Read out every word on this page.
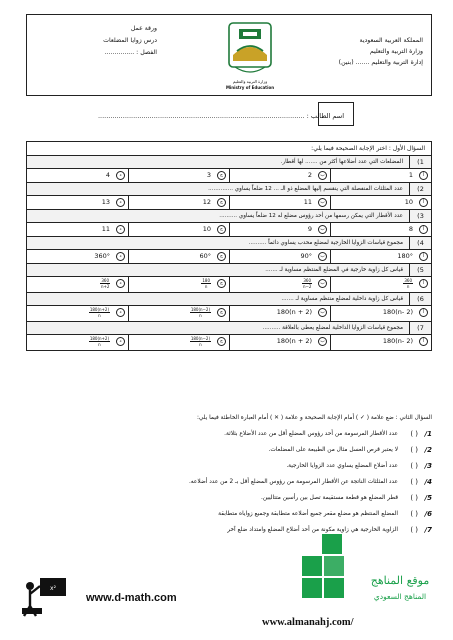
المملكة العربية السعودية
وزارة التربية والتعليم
إدارة التربية والتعليم ....... (بنين)
وزارة التربية والتعليم
Ministry of Education
ورقة عمل
درس زوايا المضلعات
الفصل : ...............
اسم الطالب : ....................................................................................................
السؤال الأول : اختر الإجابة الصحيحة فيما يلي:
1)
المضلعات التي عدد أضلاعها أكثر من ....... لها أقطار.
أ
1
ب
2
ج
3
د
4
2)
عدد المثلثات المنفصلة التي ينقسم إليها المضلع ذو الـ ... 12 ضلعاً يساوي ..............
أ
10
ب
11
ج
12
د
13
3)
عدد الأقطار التي يمكن رسمها من أحد رؤوس مضلع له 12 ضلعاً يساوي ..........
أ
8
ب
9
ج
10
د
11
4)
مجموع قياسات الزوايا الخارجية لمضلع محدب يساوي دائماً ..........
أ
180°
ب
90°
ج
60°
د
360°
5)
قياس كل زاوية خارجية في المضلع المنتظم مساوية لـ .......
أ
$\frac{360}{n}$
ب
$\frac{360}{n-2}$
ج
$\frac{180}{n}$
د
$\frac{360}{n+2}$
6)
قياس كل زاوية داخلية لمضلع منتظم مساوية لـ .......
أ
180(n- 2)
ب
180(n + 2)
ج
$\frac{180(n-2)}{n}$
د
$\frac{180(n+2)}{n}$
7)
مجموع قياسات الزوايا الداخلية لمضلع يعطى بالعلاقة ..........
أ
180(n- 2)
ب
180(n + 2)
ج
$\frac{180(n-2)}{n}$
د
$\frac{180(n+2)}{n}$
السؤال الثاني : ضع علامة ( ✓ ) أمام الإجابة الصحيحة و علامة ( ✕ ) أمام العبارة الخاطئة فيما يلي:
1/
( )
عدد الأقطار المرسومة من أحد رؤوس المضلع أقل من عدد الأضلاع بثلاثة.
2/
( )
لا يعتبر قرص العسل مثال من الطبيعة على المضلعات.
3/
( )
عدد أضلاع المضلع يساوي عدد الزوايا الخارجية.
4/
( )
عدد المثلثات الناتجة عن الأقطار المرسومة من رؤوس المضلع أقل بـ 2 من عدد أضلاعه.
5/
( )
قطر المضلع هو قطعة مستقيمة تصل بين رأسين متتاليين.
6/
( )
المضلع المنتظم هو مضلع مقعر جميع أضلاعه متطابقة وجميع زواياه متطابقة
7/
( )
الزاوية الخارجية هي زاوية مكونة من أحد أضلاع المضلع وامتداد ضلع آخر
x²
www.d-math.com
موقع المناهج
المناهج السعودي
www.almanahj.com/
